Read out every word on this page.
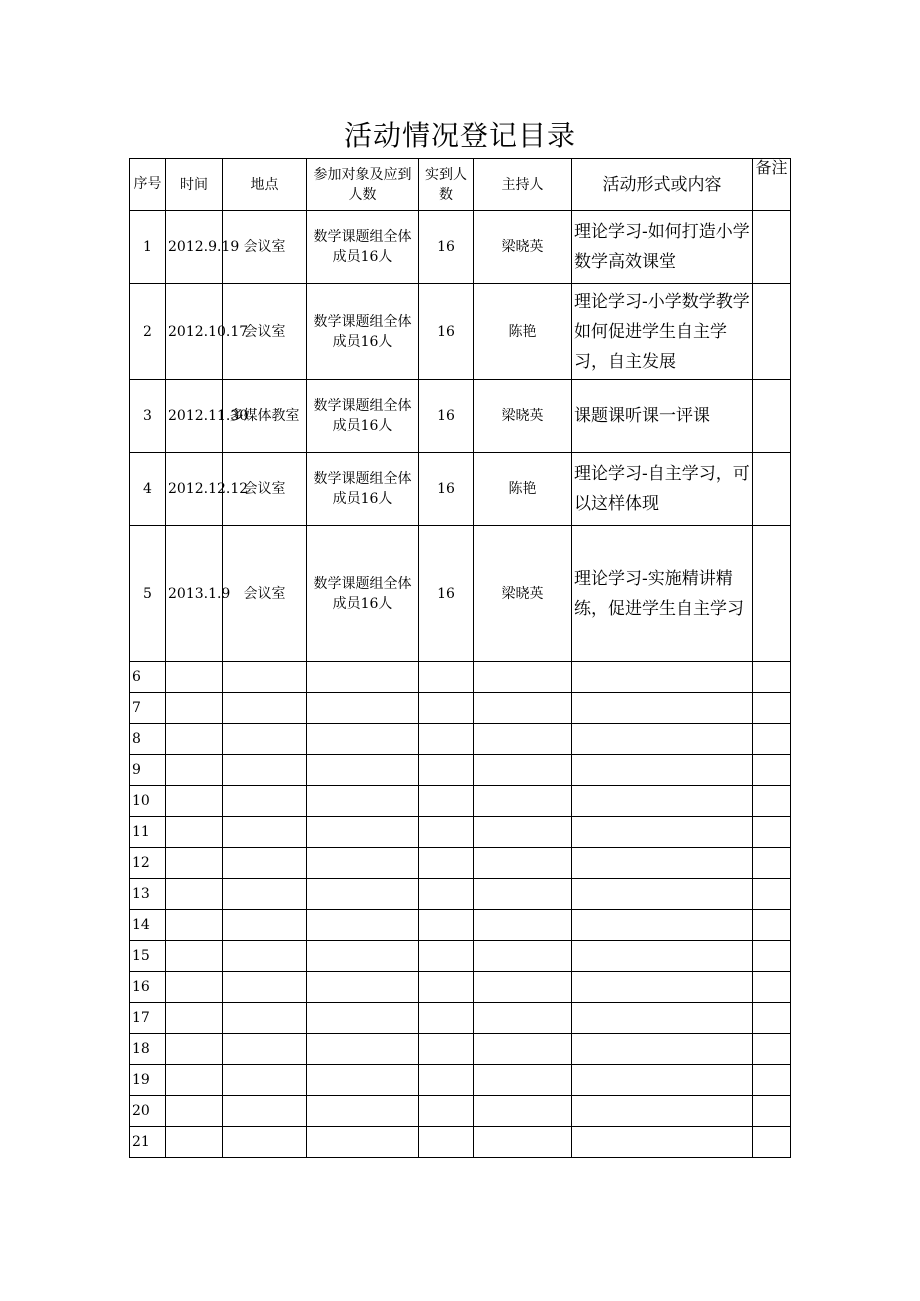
活动情况登记目录
序号	时间	地点	参加对象及应到人数	实到人数	主持人	活动形式或内容	备注
1	2012.9.19	会议室	数学课题组全体成员16人	16	梁晓英	理论学习-如何打造小学数学高效课堂	
2	2012.10.17	会议室	数学课题组全体成员16人	16	陈艳	理论学习-小学数学教学如何促进学生自主学习，自主发展	
3	2012.11.30	多媒体教室	数学课题组全体成员16人	16	梁晓英	课题课听课一评课	
4	2012.12.12	会议室	数学课题组全体成员16人	16	陈艳	理论学习-自主学习，可以这样体现	
5	2013.1.9	会议室	数学课题组全体成员16人	16	梁晓英	理论学习-实施精讲精练，促进学生自主学习	
6							
7							
8							
9							
10							
11							
12							
13							
14							
15							
16							
17							
18							
19							
20							
21							
